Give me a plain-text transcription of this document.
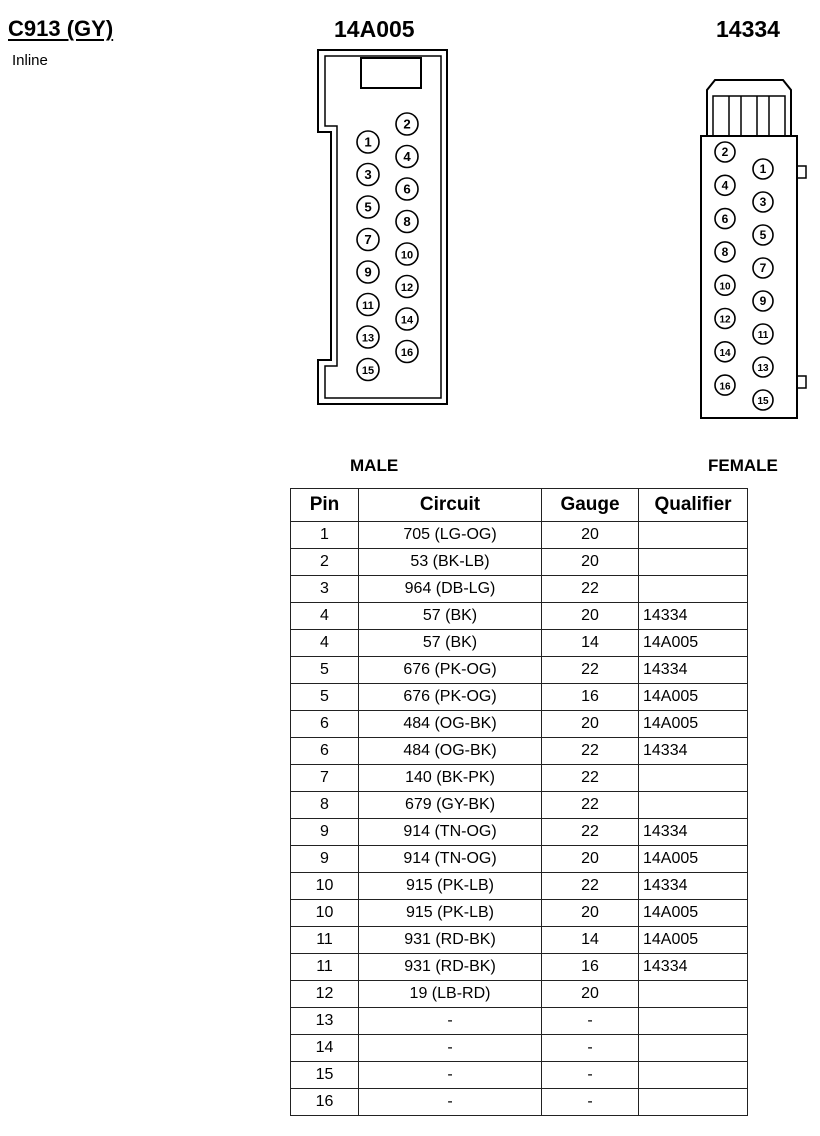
C913 (GY)
Inline
14A005	14334
1
3
5
7
9
11
13
15
2
4
6
8
10
12
14
16
2
4
6
8
10
12
14
16
1
3
5
7
9
11
13
15
MALE	FEMALE
Pin	Circuit	Gauge	Qualifier
1	705 (LG-OG)	20	
2	53 (BK-LB)	20	
3	964 (DB-LG)	22	
4	57 (BK)	20	14334
4	57 (BK)	14	14A005
5	676 (PK-OG)	22	14334
5	676 (PK-OG)	16	14A005
6	484 (OG-BK)	20	14A005
6	484 (OG-BK)	22	14334
7	140 (BK-PK)	22	
8	679 (GY-BK)	22	
9	914 (TN-OG)	22	14334
9	914 (TN-OG)	20	14A005
10	915 (PK-LB)	22	14334
10	915 (PK-LB)	20	14A005
11	931 (RD-BK)	14	14A005
11	931 (RD-BK)	16	14334
12	19 (LB-RD)	20	
13	-	-	
14	-	-	
15	-	-	
16	-	-	
